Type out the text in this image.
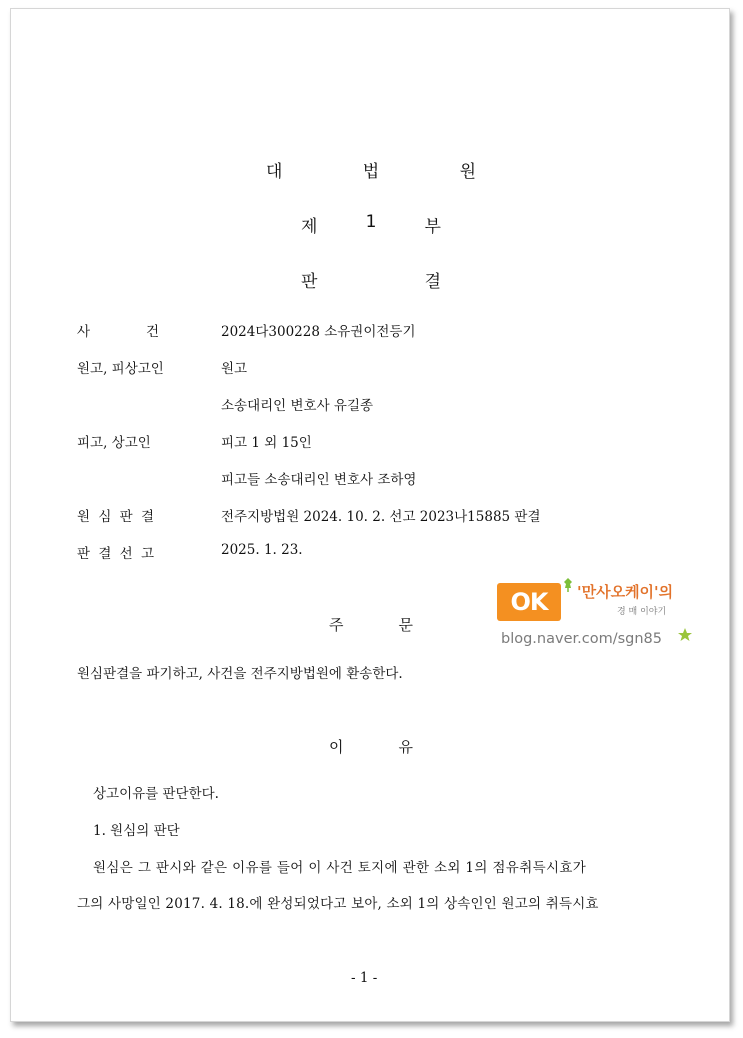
대	법	원
제	1	부
판	결
사	건	2024다300228 소유권이전등기
원고, 피상고인	원고
소송대리인 변호사 유길종
피고, 상고인	피고 1 외 15인
피고들 소송대리인 변호사 조하영
원 심 판 결	전주지방법원 2024. 10. 2. 선고 2023나15885 판결
판 결 선 고	2025. 1. 23.
주	문
원심판결을 파기하고, 사건을 전주지방법원에 환송한다.
이	유
상고이유를 판단한다.
1. 원심의 판단
원심은 그 판시와 같은 이유를 들어 이 사건 토지에 관한 소외 1의 점유취득시효가
그의 사망일인 2017. 4. 18.에 완성되었다고 보아, 소외 1의 상속인인 원고의 취득시효
- 1 -
OK	'만사오케이'의
경 매 이야기
blog.naver.com/sgn85
